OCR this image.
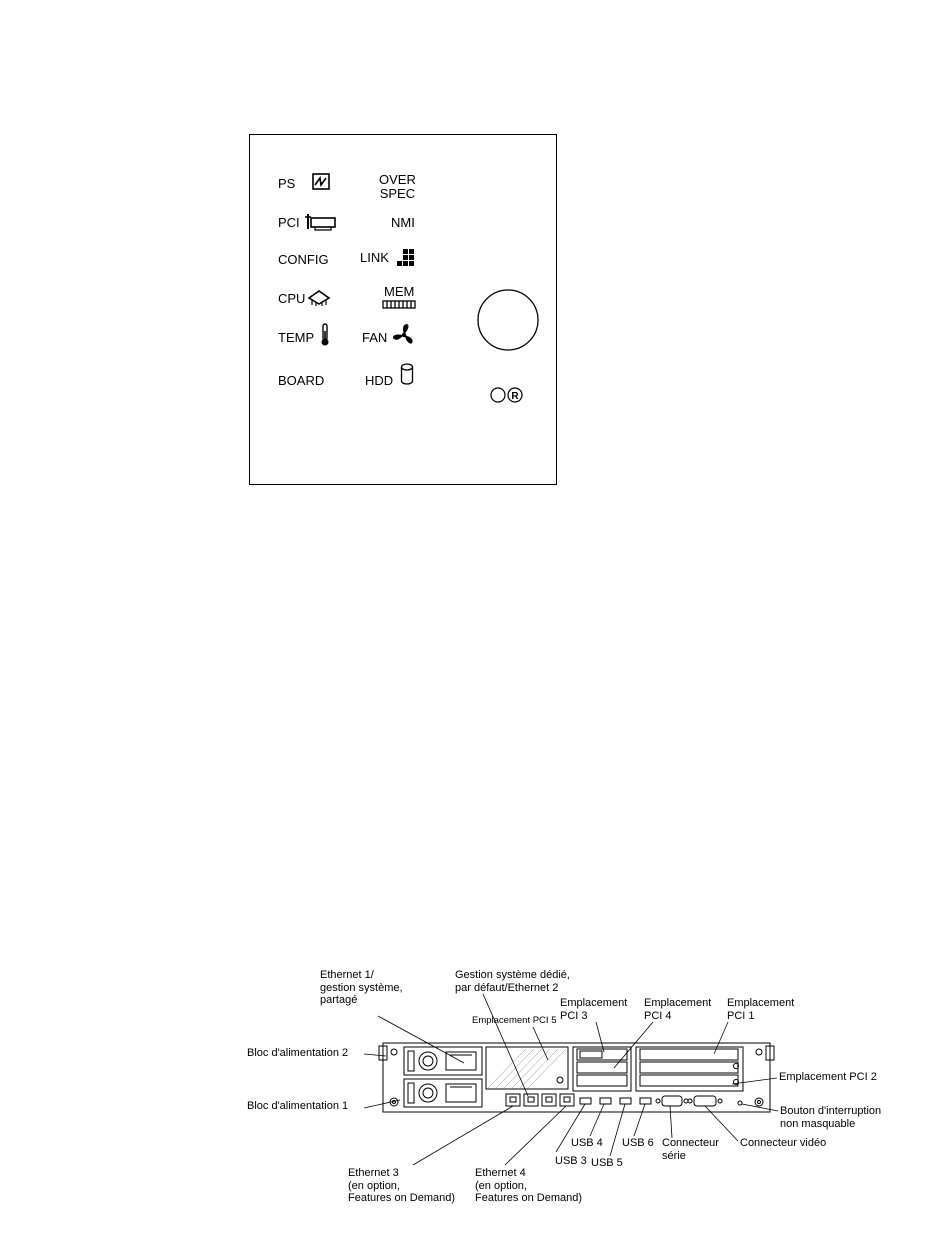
PS
PCI
CONFIG
CPU
TEMP
BOARD
OVER
SPEC
NMI
LINK
MEM
FAN
HDD
R
Ethernet 1/
gestion système,
partagé
Gestion système dédié,
par défaut/Ethernet 2
Emplacement PCI 5
Emplacement
PCI 3
Emplacement
PCI 4
Emplacement
PCI 1
Bloc d'alimentation 2
Bloc d'alimentation 1
Emplacement PCI 2
Bouton d'interruption
non masquable
Connecteur vidéo
Connecteur
série
USB 3
USB 4
USB 5
USB 6
Ethernet 3
(en option,
Features on Demand)
Ethernet 4
(en option,
Features on Demand)
